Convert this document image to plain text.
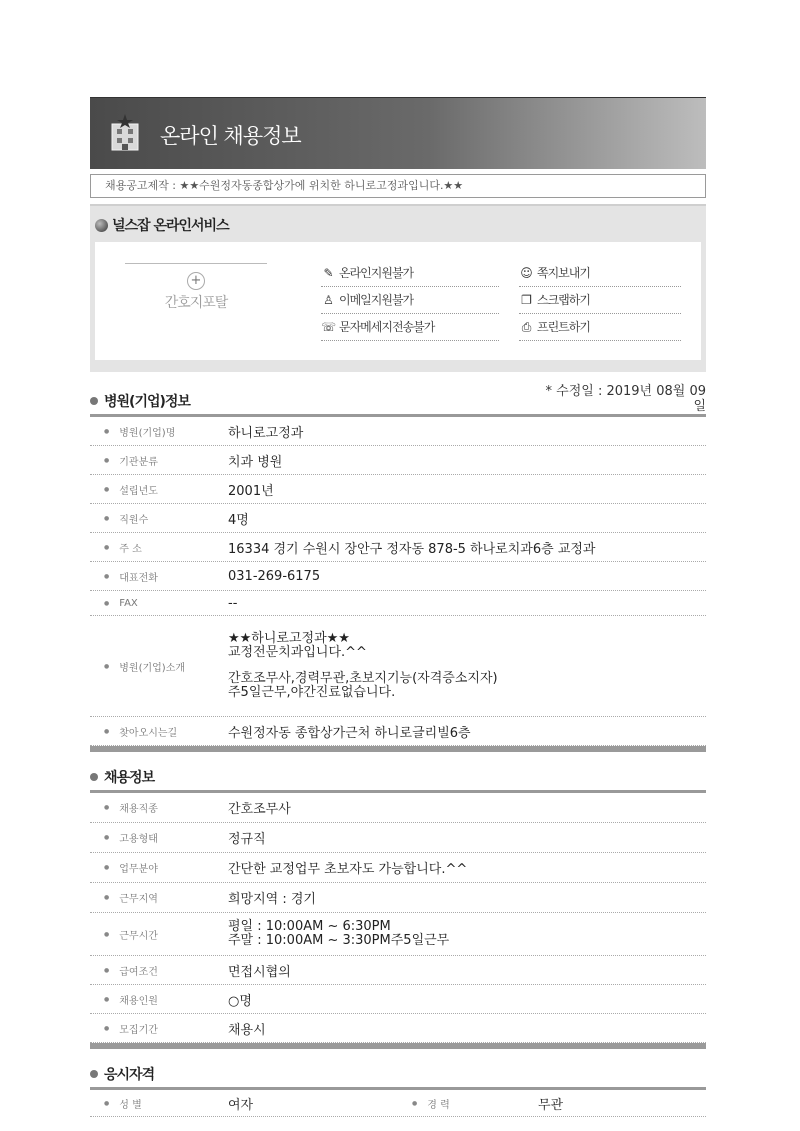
온라인 채용정보
채용공고제작 : ★★수원정자동종합상가에 위치한 하니로고정과입니다.★★
널스잡 온라인서비스
+
간호지포탈
✎ 온라인지원불가
♙ 이메일지원불가
☏ 문자메세지전송불가
☺ 쪽지보내기
❐ 스크랩하기
⎙ 프린트하기
병원(기업)정보
* 수정일 : 2019년 08월 09
일
● 병원(기업)명	하니로고정과
● 기관분류	치과 병원
● 설립년도	2001년
● 직원수	4명
● 주 소	16334 경기 수원시 장안구 정자동 878-5 하나로치과6층 교정과
● 대표전화	031-269-6175
● FAX	--
● 병원(기업)소개
★★하니로고정과★★
교정전문치과입니다.^^
간호조무사,경력무관,초보지기능(자격증소지자)
주5일근무,야간진료없습니다.
● 찾아오시는길	수원정자동 종합상가근처 하니로글리빌6층
채용정보
● 채용직종	간호조무사
● 고용형태	정규직
● 업무분야	간단한 교정업무 초보자도 가능합니다.^^
● 근무지역	희망지역 : 경기
● 근무시간
평일 : 10:00AM ~ 6:30PM
주말 : 10:00AM ~ 3:30PM주5일근무
● 급여조건	면접시협의
● 채용인원	○명
● 모집기간	채용시
응시자격
● 성 별	여자	● 경 력	무관
